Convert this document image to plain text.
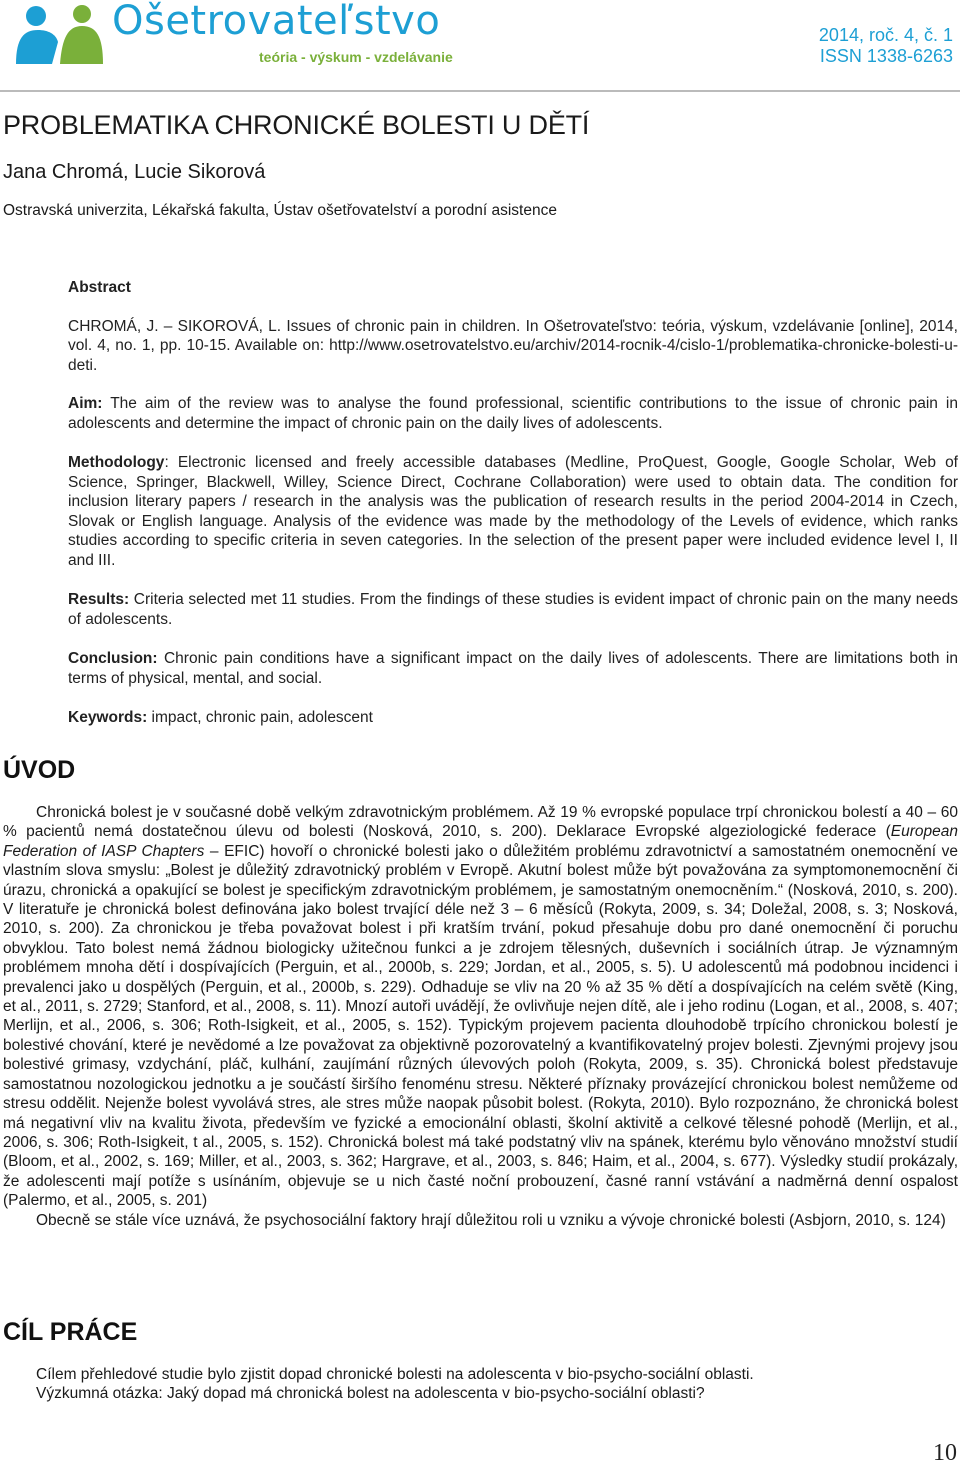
Ošetrovateľstvo
teória - výskum - vzdelávanie
2014, roč. 4, č. 1
ISSN 1338-6263
PROBLEMATIKA CHRONICKÉ BOLESTI U DĚTÍ
Jana Chromá, Lucie Sikorová
Ostravská univerzita, Lékařská fakulta, Ústav ošetřovatelství a porodní asistence

Abstract

CHROMÁ, J. – SIKOROVÁ, L. Issues of chronic pain in children. In Ošetrovateľstvo: teória, výskum, vzdelávanie [online], 2014, vol. 4, no. 1, pp. 10-15. Available on: http://www.osetrovatelstvo.eu/archiv/2014-rocnik-4/cislo-1/problematika-chronicke-bolesti-u-deti.

Aim: The aim of the review was to analyse the found professional, scientific contributions to the issue of chronic pain in adolescents and determine the impact of chronic pain on the daily lives of adolescents.

Methodology: Electronic licensed and freely accessible databases (Medline, ProQuest, Google, Google Scholar, Web of Science, Springer, Blackwell, Willey, Science Direct, Cochrane Collaboration) were used to obtain data. The condition for inclusion literary papers / research in the analysis was the publication of research results in the period 2004-2014 in Czech, Slovak or English language. Analysis of the evidence was made by the methodology of the Levels of evidence, which ranks studies according to specific criteria in seven categories. In the selection of the present paper were included evidence level I, II and III.

Results: Criteria selected met 11 studies. From the findings of these studies is evident impact of chronic pain on the many needs of adolescents.

Conclusion: Chronic pain conditions have a significant impact on the daily lives of adolescents. There are limitations both in terms of physical, mental, and social.

Keywords: impact, chronic pain, adolescent

ÚVOD

Chronická bolest je v současné době velkým zdravotnickým problémem. Až 19 % evropské populace trpí chronickou bolestí a 40 – 60 % pacientů nemá dostatečnou úlevu od bolesti (Nosková, 2010, s. 200). Deklarace Evropské algeziologické federace (European Federation of IASP Chapters – EFIC) hovoří o chronické bolesti jako o důležitém problému zdravotnictví a samostatném onemocnění ve vlastním slova smyslu: „Bolest je důležitý zdravotnický problém v Evropě. Akutní bolest může být považována za symptomonemocnění či úrazu, chronická a opakující se bolest je specifickým zdravotnickým problémem, je samostatným onemocněním.“ (Nosková, 2010, s. 200). V literatuře je chronická bolest definována jako bolest trvající déle než 3 – 6 měsíců (Rokyta, 2009, s. 34; Doležal, 2008, s. 3; Nosková, 2010, s. 200). Za chronickou je třeba považovat bolest i při kratším trvání, pokud přesahuje dobu pro dané onemocnění či poruchu obvyklou. Tato bolest nemá žádnou biologicky užitečnou funkci a je zdrojem tělesných, duševních i sociálních útrap. Je významným problémem mnoha dětí i dospívajících (Perguin, et al., 2000b, s. 229; Jordan, et al., 2005, s. 5). U adolescentů má podobnou incidenci i prevalenci jako u dospělých (Perguin, et al., 2000b, s. 229). Odhaduje se vliv na 20 % až 35 % dětí a dospívajících na celém světě (King, et al., 2011, s. 2729; Stanford, et al., 2008, s. 11). Mnozí autoři uvádějí, že ovlivňuje nejen dítě, ale i jeho rodinu (Logan, et al., 2008, s. 407; Merlijn, et al., 2006, s. 306; Roth-Isigkeit, et al., 2005, s. 152). Typickým projevem pacienta dlouhodobě trpícího chronickou bolestí je bolestivé chování, které je nevědomé a lze považovat za objektivně pozorovatelný a kvantifikovatelný projev bolesti. Zjevnými projevy jsou bolestivé grimasy, vzdychání, pláč, kulhání, zaujímání různých úlevových poloh (Rokyta, 2009, s. 35). Chronická bolest představuje samostatnou nozologickou jednotku a je součástí širšího fenoménu stresu. Některé příznaky provázející chronickou bolest nemůžeme od stresu oddělit. Nejenže bolest vyvolává stres, ale stres může naopak působit bolest. (Rokyta, 2010). Bylo rozpoznáno, že chronická bolest má negativní vliv na kvalitu života, především ve fyzické a emocionální oblasti, školní aktivitě a celkové tělesné pohodě (Merlijn, et al., 2006, s. 306; Roth-Isigkeit, t al., 2005, s. 152). Chronická bolest má také podstatný vliv na spánek, kterému bylo věnováno množství studií (Bloom, et al., 2002, s. 169; Miller, et al., 2003, s. 362; Hargrave, et al., 2003, s. 846; Haim, et al., 2004, s. 677). Výsledky studií prokázaly, že adolescenti mají potíže s usínáním, objevuje se u nich časté noční probouzení, časné ranní vstávání a nadměrná denní ospalost (Palermo, et al., 2005, s. 201)

Obecně se stále více uznává, že psychosociální faktory hrají důležitou roli u vzniku a vývoje chronické bolesti (Asbjorn, 2010, s. 124)

CÍL PRÁCE

Cílem přehledové studie bylo zjistit dopad chronické bolesti na adolescenta v bio-psycho-sociální oblasti.

Výzkumná otázka: Jaký dopad má chronická bolest na adolescenta v bio-psycho-sociální oblasti?

10
